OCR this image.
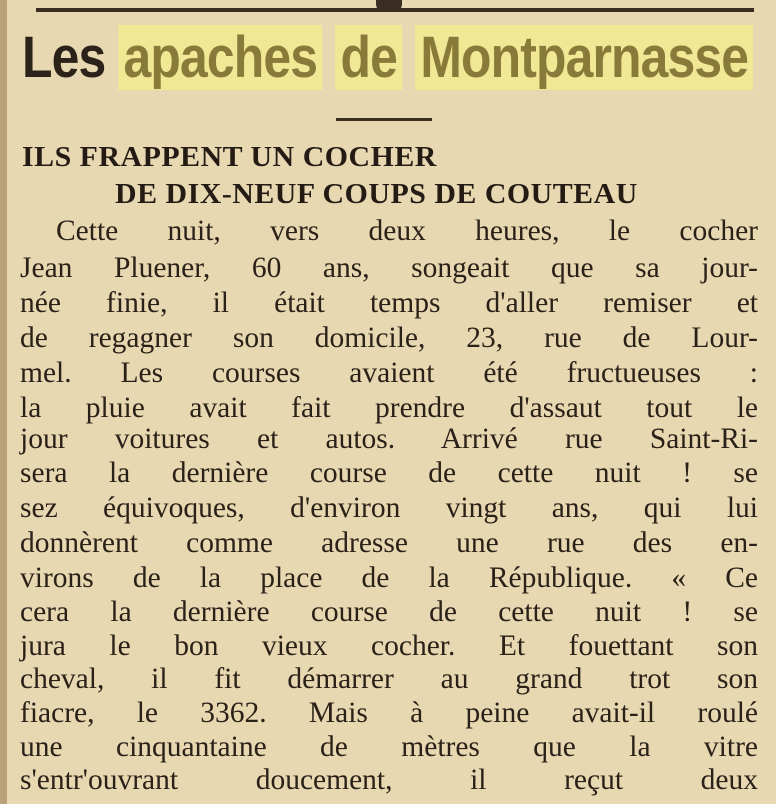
Les apaches de Montparnasse
ILS FRAPPENT UN COCHER
DE DIX-NEUF COUPS DE COUTEAU
Cette nuit, vers deux heures, le cocher
Jean Pluener, 60 ans, songeait que sa jour-
née finie, il était temps d'aller remiser et
de regagner son domicile, 23, rue de Lour-
mel. Les courses avaient été fructueuses :
la pluie avait fait prendre d'assaut tout le
jour voitures et autos. Arrivé rue Saint-Ri-
sera la dernière course de cette nuit ! se
sez équivoques, d'environ vingt ans, qui lui
donnèrent comme adresse une rue des en-
virons de la place de la République. « Ce
cera la dernière course de cette nuit ! se
jura le bon vieux cocher. Et fouettant son
cheval, il fit démarrer au grand trot son
fiacre, le 3362. Mais à peine avait-il roulé
une cinquantaine de mètres que la vitre
s'entr'ouvrant doucement, il reçut deux
